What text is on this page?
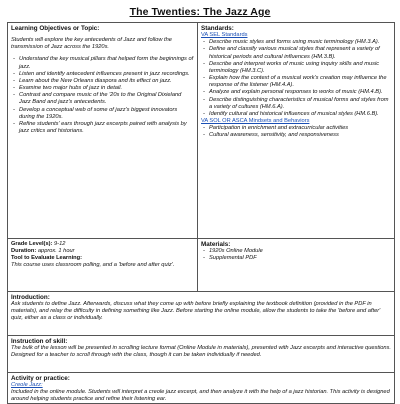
The Twenties: The Jazz Age
Learning Objectives or Topic:
Students will explore the key antecedents of Jazz and follow the transmission of Jazz across the 1920s.
- Understand the key musical pillars that helped form the beginnings of jazz.
- Listen and identify antecedent influences present in jazz recordings.
- Learn about the New Orleans diaspora and its effect on jazz.
- Examine two major hubs of jazz in detail.
- Contrast and compare music of the '20s to the Original Dixieland Jazz Band and jazz's antecedents.
- Develop a conceptual web of some of jazz's biggest innovators during the 1920s.
- Refine students' ears through jazz excerpts paired with analysis by jazz critics and historians.
Standards:
VA SEL Standards
- Describe music styles and forms using music terminology (HM.3.A).
- Define and classify various musical styles that represent a variety of historical periods and cultural influences (HM.3.B).
- Describe and interpret works of music using inquiry skills and music terminology (HM.3.C).
- Explain how the context of a musical work's creation may influence the response of the listener (HM.4.A).
- Analyze and explain personal responses to works of music (HM.4.B).
- Describe distinguishing characteristics of musical forms and styles from a variety of cultures (HM.6.A).
- Identify cultural and historical influences of musical styles (HM.6.B).
VA SOL OR ASCA Mindsets and Behaviors
- Participation in enrichment and extracurricular activities
- Cultural awareness, sensitivity, and responsiveness
Grade Level(s): 9-12
Duration: approx. 1 hour
Tool to Evaluate Learning:
This course uses classroom polling, and a 'before and after quiz'.
Materials:
- 1920s Online Module
- Supplemental PDF
Introduction:
Ask students to define Jazz. Afterwards, discuss what they come up with before briefly explaining the textbook definition (provided in the PDF in materials), and relay the difficulty in defining something like Jazz. Before starting the online module, allow the students to take the 'before and after' quiz, either as a class or individually.
Instruction of skill:
The bulk of the lesson will be presented in scrolling lecture format (Online Module in materials), presented with Jazz excerpts and interactive questions. Designed for a teacher to scroll through with the class, though it can be taken individually if needed.
Activity or practice:
Creole Jazz:
Included in the online module. Students will interpret a creole jazz excerpt, and then analyze it with the help of a jazz historian. This activity is designed around helping students practice and refine their listening ear.
